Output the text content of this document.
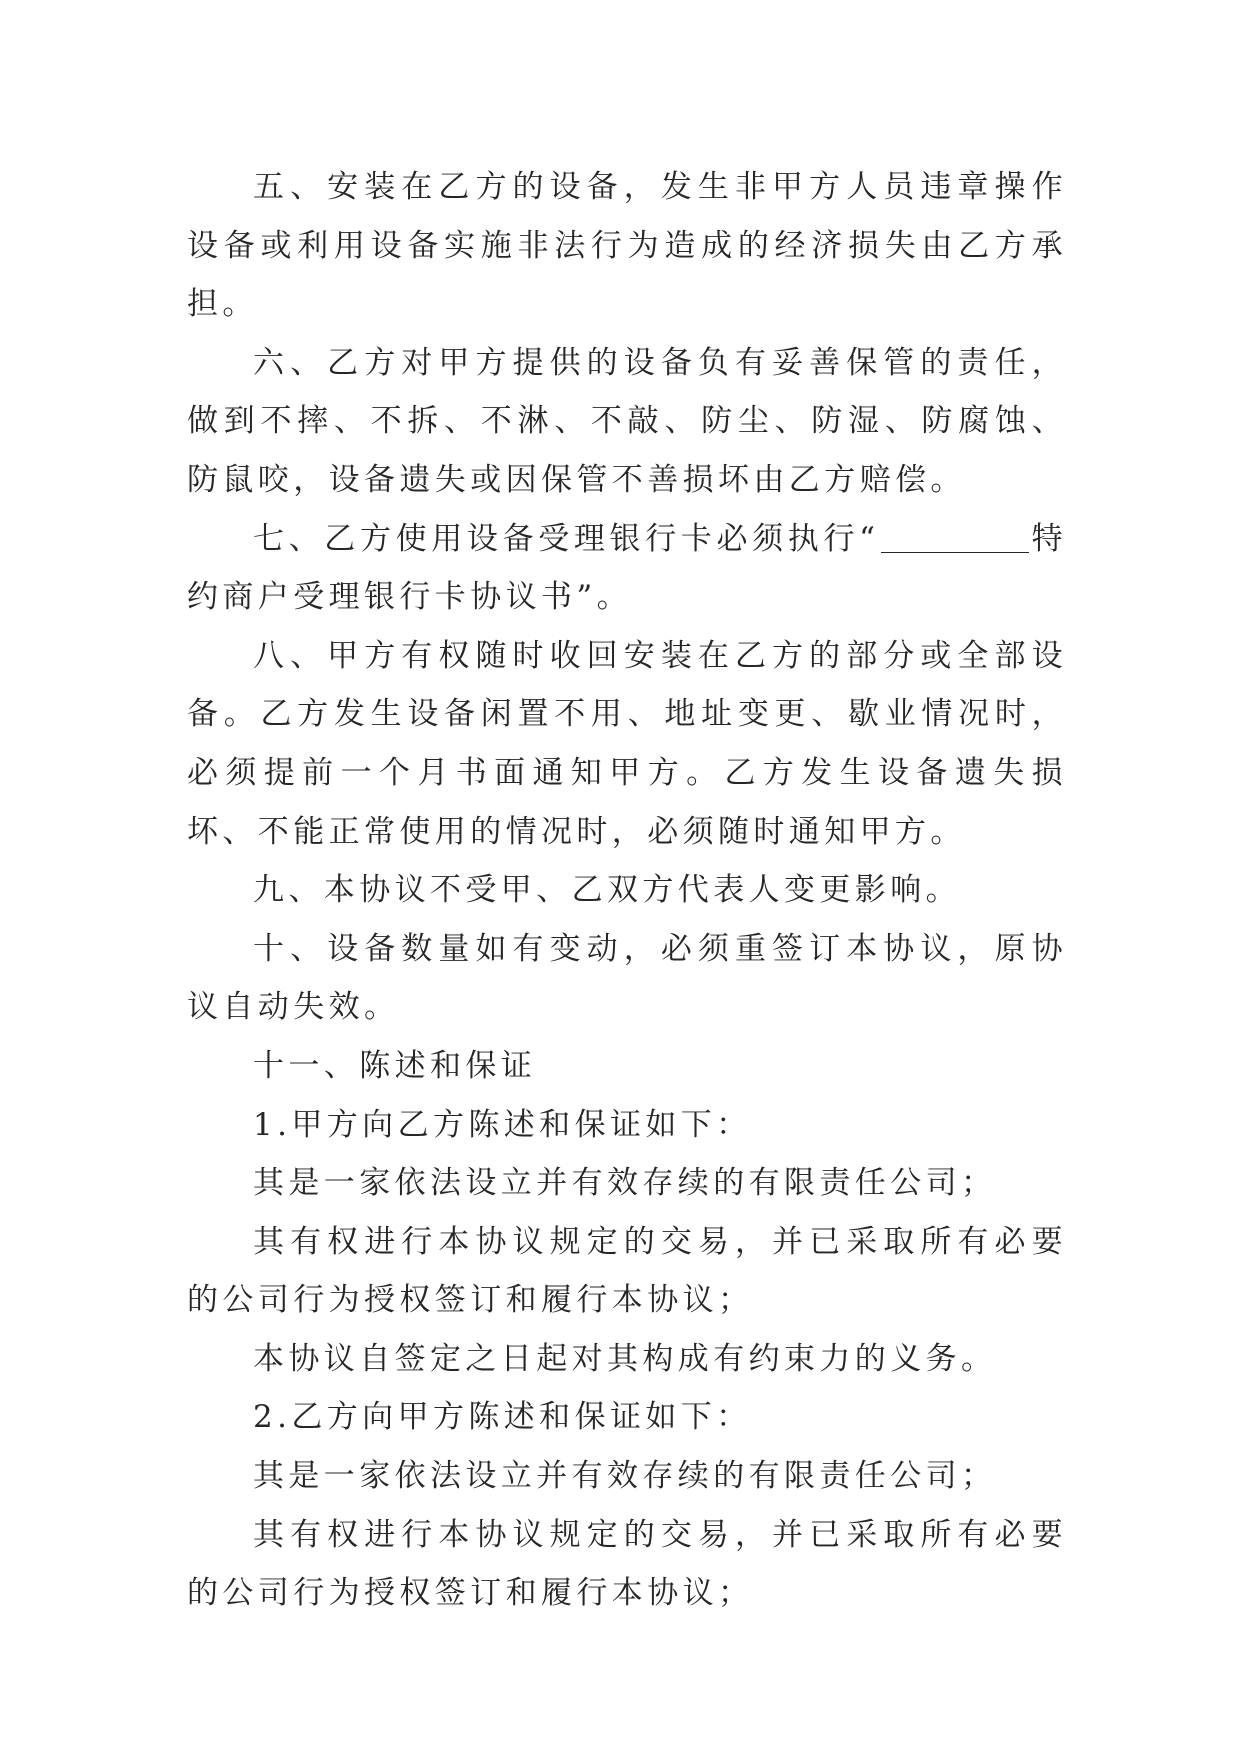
五、安装在乙方的设备，发生非甲方人员违章操作设备或利用设备实施非法行为造成的经济损失由乙方承担。

六、乙方对甲方提供的设备负有妥善保管的责任，做到不摔、不拆、不淋、不敲、防尘、防湿、防腐蚀、防鼠咬，设备遗失或因保管不善损坏由乙方赔偿。

七、乙方使用设备受理银行卡必须执行“	特约商户受理银行卡协议书”。

八、甲方有权随时收回安装在乙方的部分或全部设备。乙方发生设备闲置不用、地址变更、歇业情况时，必须提前一个月书面通知甲方。乙方发生设备遗失损坏、不能正常使用的情况时，必须随时通知甲方。

九、本协议不受甲、乙双方代表人变更影响。

十、设备数量如有变动，必须重签订本协议，原协议自动失效。

十一、陈述和保证

1.甲方向乙方陈述和保证如下：

其是一家依法设立并有效存续的有限责任公司；

其有权进行本协议规定的交易，并已采取所有必要的公司行为授权签订和履行本协议；

本协议自签定之日起对其构成有约束力的义务。

2.乙方向甲方陈述和保证如下：

其是一家依法设立并有效存续的有限责任公司；

其有权进行本协议规定的交易，并已采取所有必要的公司行为授权签订和履行本协议；
